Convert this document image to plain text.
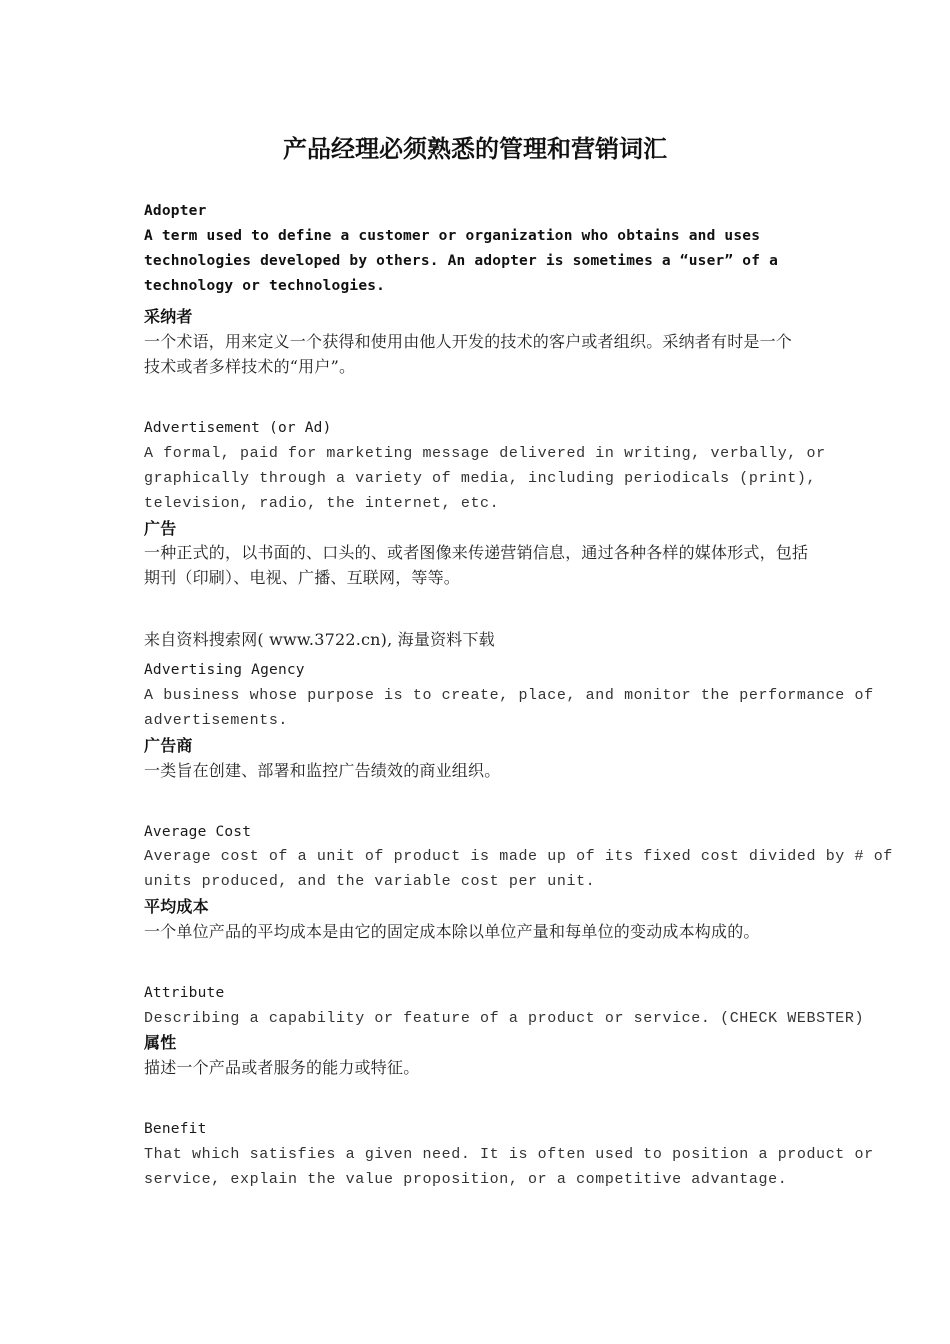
产品经理必须熟悉的管理和营销词汇
Adopter
A term used to define a customer or organization who obtains and uses
technologies developed by others. An adopter is sometimes a “user” of a
technology or technologies.
采纳者
一个术语，用来定义一个获得和使用由他人开发的技术的客户或者组织。采纳者有时是一个
技术或者多样技术的“用户”。
Advertisement (or Ad)
A formal, paid for marketing message delivered in writing, verbally, or
graphically through a variety of media, including periodicals (print),
television, radio, the internet, etc.
广告
一种正式的，以书面的、口头的、或者图像来传递营销信息，通过各种各样的媒体形式，包括
期刊（印刷）、电视、广播、互联网，等等。
来自资料搜索网( www.3722.cn), 海量资料下载
Advertising Agency
A business whose purpose is to create, place, and monitor the performance of
advertisements.
广告商
一类旨在创建、部署和监控广告绩效的商业组织。
Average Cost
Average cost of a unit of product is made up of its fixed cost divided by # of
units produced, and the variable cost per unit.
平均成本
一个单位产品的平均成本是由它的固定成本除以单位产量和每单位的变动成本构成的。
Attribute
Describing a capability or feature of a product or service. (CHECK WEBSTER)
属性
描述一个产品或者服务的能力或特征。
Benefit
That which satisfies a given need. It is often used to position a product or
service, explain the value proposition, or a competitive advantage.
